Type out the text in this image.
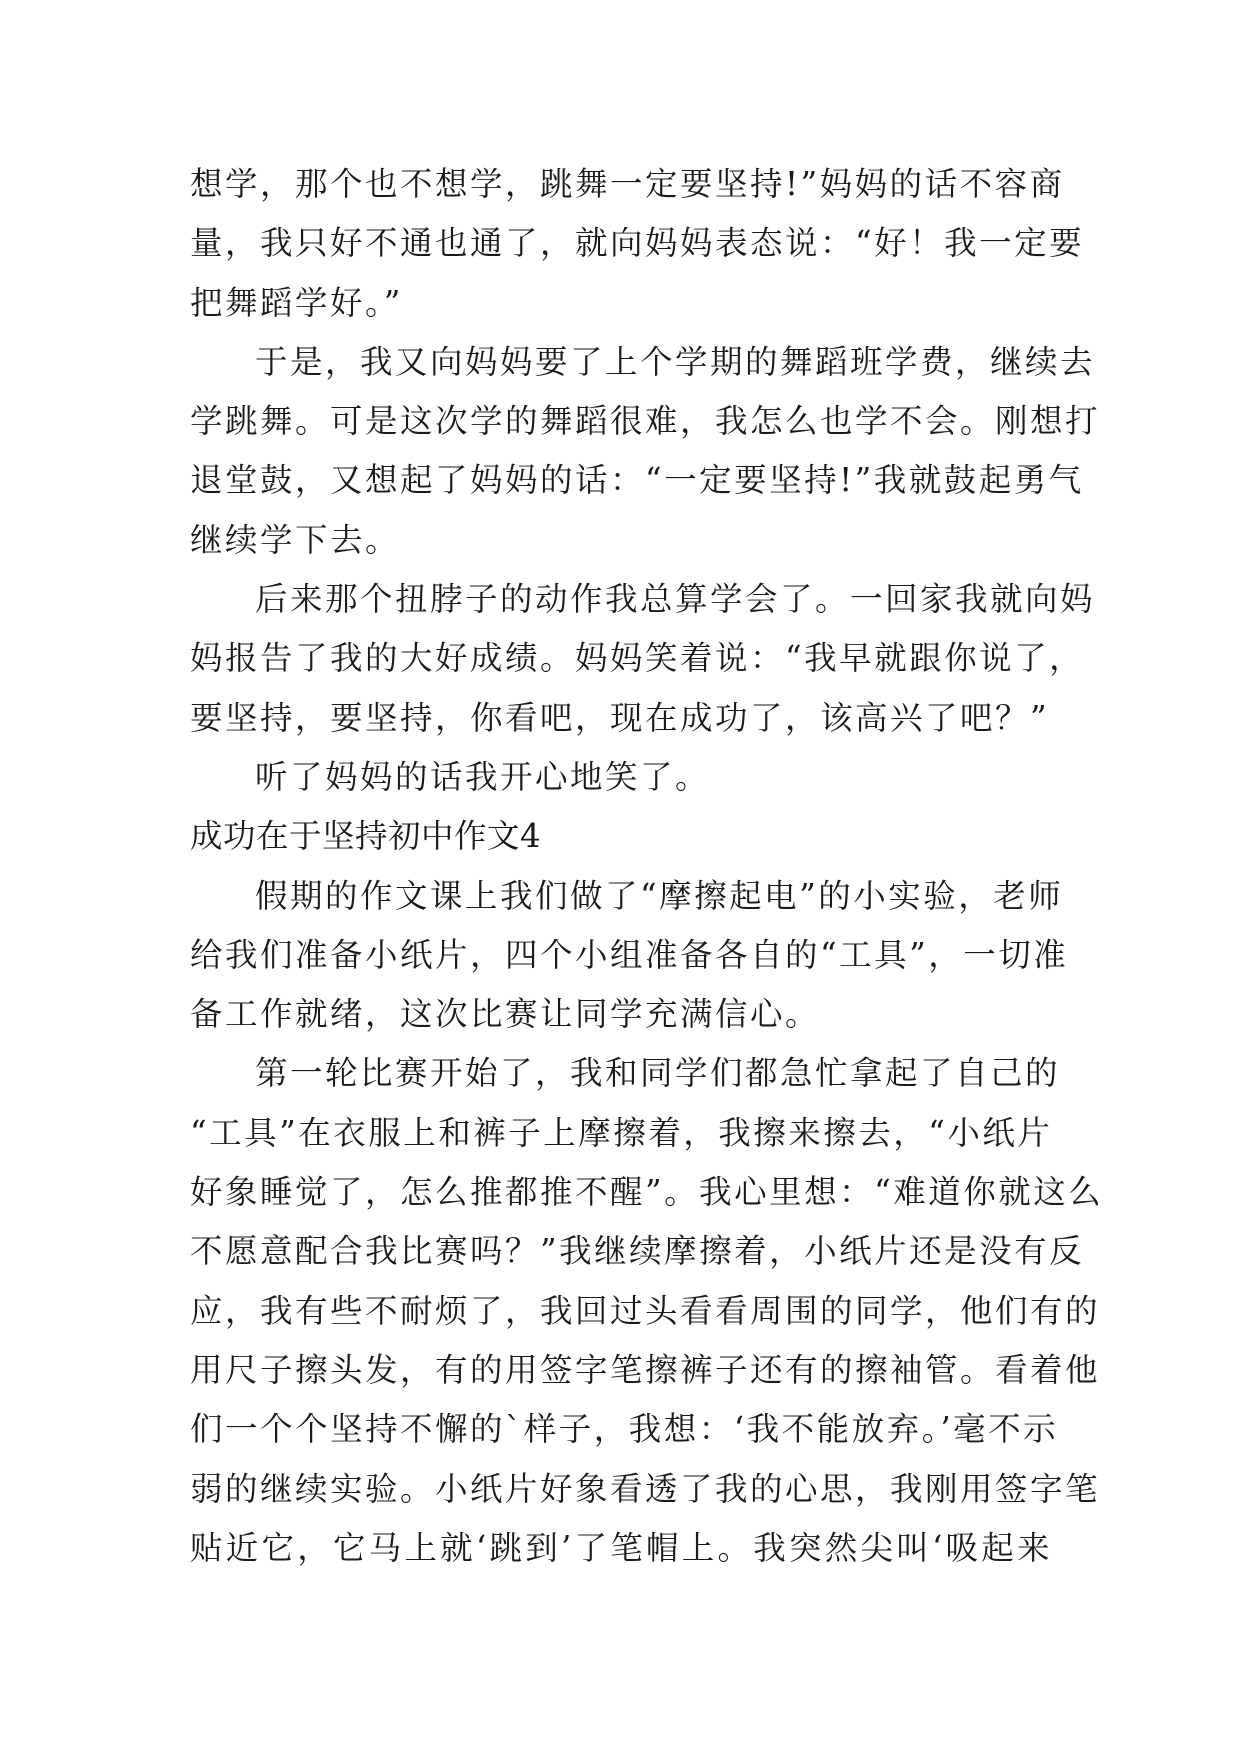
想学，那个也不想学，跳舞一定要坚持!”妈妈的话不容商
量，我只好不通也通了，就向妈妈表态说：“好！我一定要
把舞蹈学好。”
于是，我又向妈妈要了上个学期的舞蹈班学费，继续去
学跳舞。可是这次学的舞蹈很难，我怎么也学不会。刚想打
退堂鼓，又想起了妈妈的话：“一定要坚持!”我就鼓起勇气
继续学下去。
后来那个扭脖子的动作我总算学会了。一回家我就向妈
妈报告了我的大好成绩。妈妈笑着说：“我早就跟你说了，
要坚持，要坚持，你看吧，现在成功了，该高兴了吧？”
听了妈妈的话我开心地笑了。
成功在于坚持初中作文4
假期的作文课上我们做了“摩擦起电”的小实验，老师
给我们准备小纸片，四个小组准备各自的“工具”，一切准
备工作就绪，这次比赛让同学充满信心。
第一轮比赛开始了，我和同学们都急忙拿起了自己的
“工具”在衣服上和裤子上摩擦着，我擦来擦去，“小纸片
好象睡觉了，怎么推都推不醒”。我心里想：“难道你就这么
不愿意配合我比赛吗？”我继续摩擦着，小纸片还是没有反
应，我有些不耐烦了，我回过头看看周围的同学，他们有的
用尺子擦头发，有的用签字笔擦裤子还有的擦袖管。看着他
们一个个坚持不懈的`样子，我想：‘我不能放弃。’毫不示
弱的继续实验。小纸片好象看透了我的心思，我刚用签字笔
贴近它，它马上就‘跳到’了笔帽上。我突然尖叫‘吸起来
